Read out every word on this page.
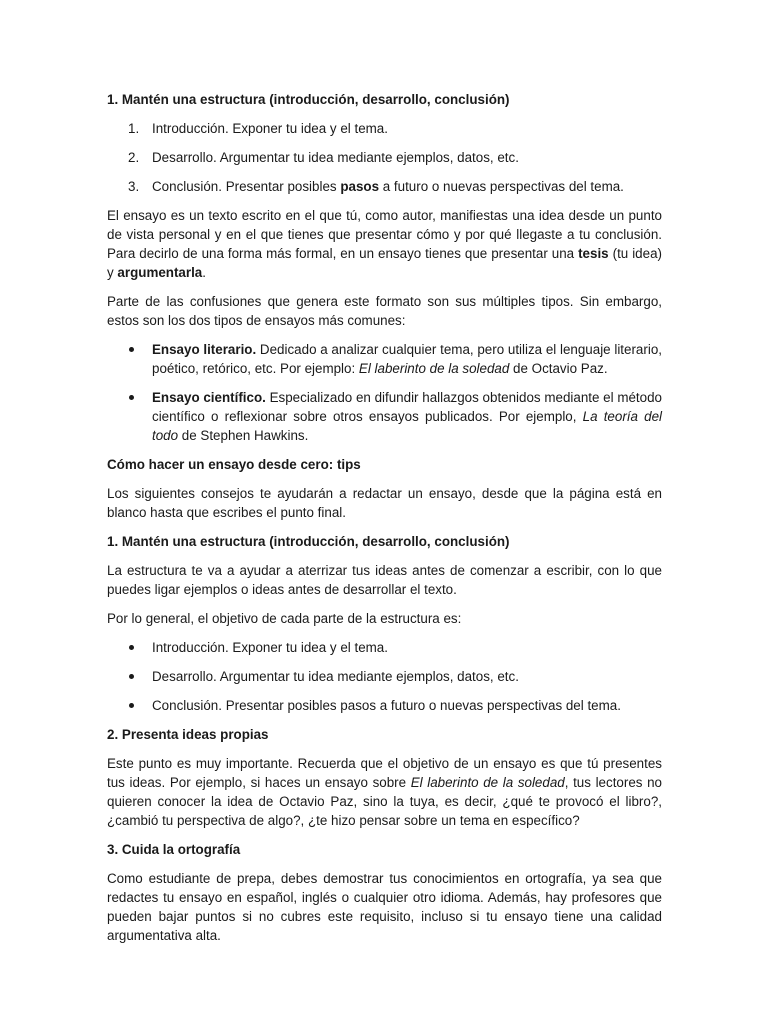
1. Mantén una estructura (introducción, desarrollo, conclusión)
1. Introducción. Exponer tu idea y el tema.
2. Desarrollo. Argumentar tu idea mediante ejemplos, datos, etc.
3. Conclusión. Presentar posibles pasos a futuro o nuevas perspectivas del tema.

El ensayo es un texto escrito en el que tú, como autor, manifiestas una idea desde un punto de vista personal y en el que tienes que presentar cómo y por qué llegaste a tu conclusión. Para decirlo de una forma más formal, en un ensayo tienes que presentar una tesis (tu idea) y argumentarla.

Parte de las confusiones que genera este formato son sus múltiples tipos. Sin embargo, estos son los dos tipos de ensayos más comunes:

Ensayo literario. Dedicado a analizar cualquier tema, pero utiliza el lenguaje literario, poético, retórico, etc. Por ejemplo: El laberinto de la soledad de Octavio Paz.
Ensayo científico. Especializado en difundir hallazgos obtenidos mediante el método científico o reflexionar sobre otros ensayos publicados. Por ejemplo, La teoría del todo de Stephen Hawkins.
Cómo hacer un ensayo desde cero: tips

Los siguientes consejos te ayudarán a redactar un ensayo, desde que la página está en blanco hasta que escribes el punto final.

1. Mantén una estructura (introducción, desarrollo, conclusión)

La estructura te va a ayudar a aterrizar tus ideas antes de comenzar a escribir, con lo que puedes ligar ejemplos o ideas antes de desarrollar el texto.

Por lo general, el objetivo de cada parte de la estructura es:

Introducción. Exponer tu idea y el tema.
Desarrollo. Argumentar tu idea mediante ejemplos, datos, etc.
Conclusión. Presentar posibles pasos a futuro o nuevas perspectivas del tema.
2. Presenta ideas propias

Este punto es muy importante. Recuerda que el objetivo de un ensayo es que tú presentes tus ideas. Por ejemplo, si haces un ensayo sobre El laberinto de la soledad, tus lectores no quieren conocer la idea de Octavio Paz, sino la tuya, es decir, ¿qué te provocó el libro?, ¿cambió tu perspectiva de algo?, ¿te hizo pensar sobre un tema en específico?

3. Cuida la ortografía

Como estudiante de prepa, debes demostrar tus conocimientos en ortografía, ya sea que redactes tu ensayo en español, inglés o cualquier otro idioma. Además, hay profesores que pueden bajar puntos si no cubres este requisito, incluso si tu ensayo tiene una calidad argumentativa alta.
